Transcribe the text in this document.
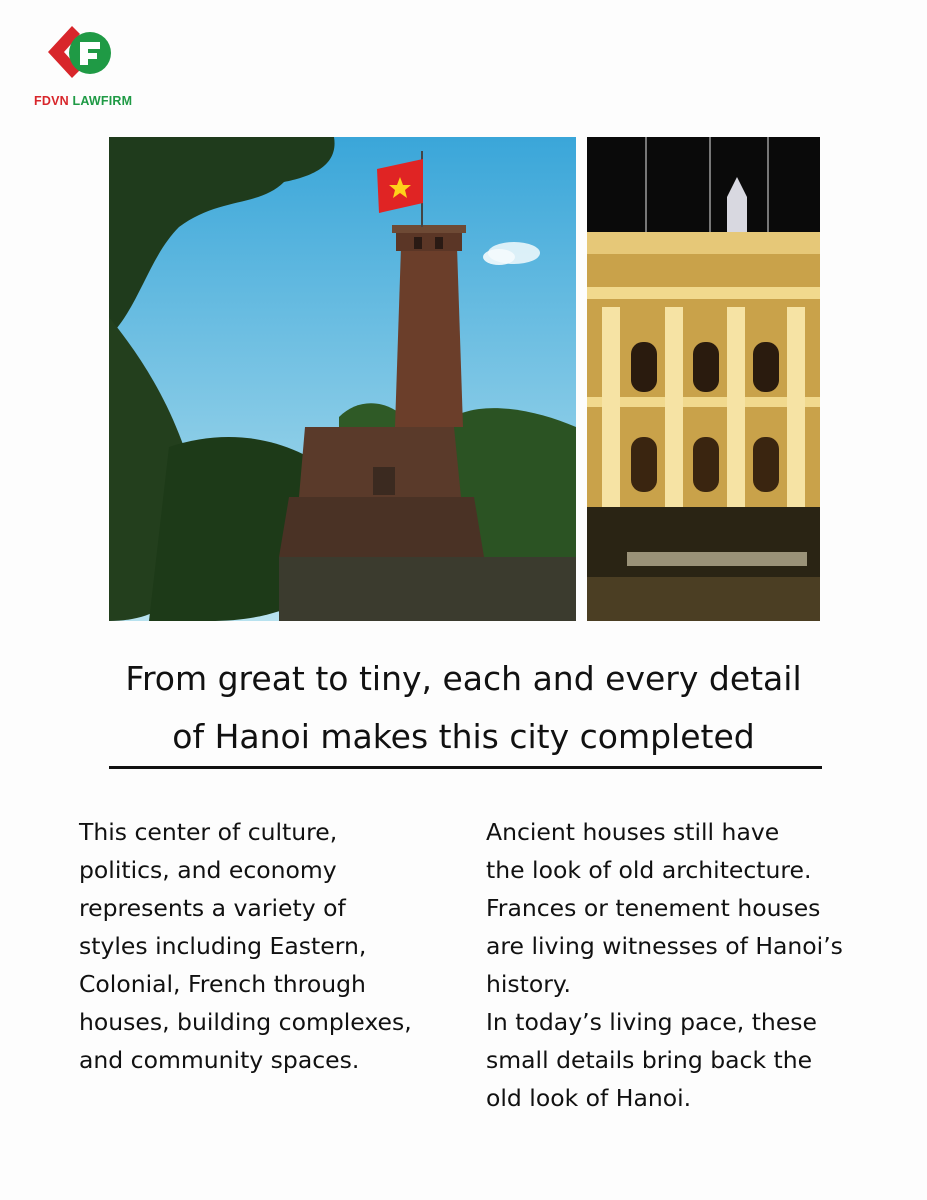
FDVN LAWFIRM
From great to tiny, each and every detail
of Hanoi makes this city completed

This center of culture,

politics, and economy

represents a variety of

styles including Eastern,

Colonial, French through

houses, building complexes,

and community spaces.

Ancient houses still have

the look of old architecture.

Frances or tenement houses

are living witnesses of Hanoi’s

history.

In today’s living pace, these

small details bring back the

old look of Hanoi.
